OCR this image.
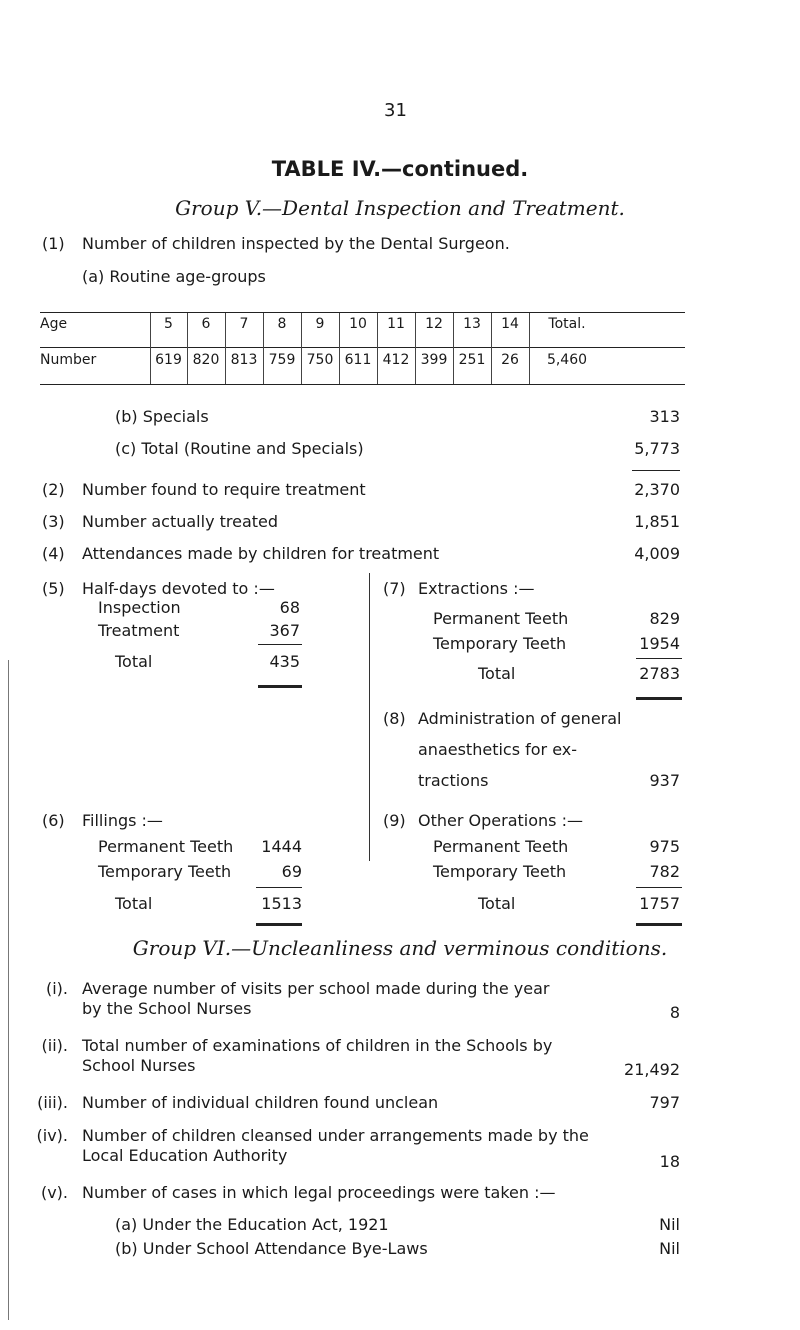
31
TABLE IV.—continued.
Group V.—Dental Inspection and Treatment.
(1) Number of children inspected by the Dental Surgeon.
(a) Routine age-groups
Age	5	6	7	8	9	10	11	12	13	14	Total.
Number	619 820 813 759 750 611 412 399 251	26	5,460
(b) Specials	313
(c) Total (Routine and Specials)	5,773
(2) Number found to require treatment	2,370
(3) Number actually treated	1,851
(4) Attendances made by children for treatment	4,009
(5) Half-days devoted to :—
Inspection	68
Treatment	367
Total	435
(7) Extractions :—
Permanent Teeth	829
Temporary Teeth	1954
Total	2783
(8) Administration of general
anaesthetics for ex-
tractions	937
(6) Fillings :—
Permanent Teeth	1444
Temporary Teeth	69
Total	1513
(9) Other Operations :—
Permanent Teeth	975
Temporary Teeth	782
Total	1757
Group VI.—Uncleanliness and verminous conditions.
(i). Average number of visits per school made during the year
by the School Nurses	8
(ii). Total number of examinations of children in the Schools by
School Nurses	21,492
(iii). Number of individual children found unclean	797
(iv). Number of children cleansed under arrangements made by the
Local Education Authority	18
(v). Number of cases in which legal proceedings were taken :—
(a) Under the Education Act, 1921	Nil
(b) Under School Attendance Bye-Laws	Nil
